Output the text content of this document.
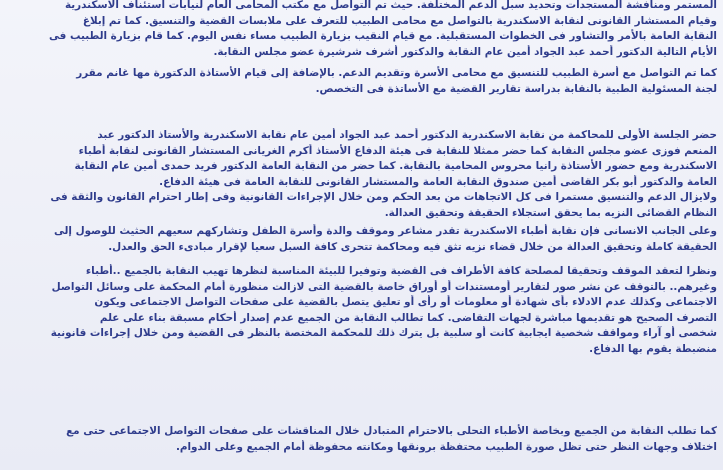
المستمر ومنافشة المستجدات وتحديد سبل الدعم المختلفة. حيث تم التواصل مع مكتب المحامى العام لنيابات استئناف الاسكندرية
وقيام المستشار القانونى لنقابة الاسكندرية بالتواصل مع محامى الطبيب للتعرف على ملابسات القضية والتنسيق. كما تم إبلاغ
النقابة العامة بالأمر والتشاور فى الخطوات المستقبلية. مع قيام النقيب بزيارة الطبيب مساء نفس اليوم. كما قام بزيارة الطبيب فى
الأيام التالية الدكتور أحمد عبد الجواد أمين عام النقابة والدكتور أشرف شرشيرة عضو مجلس النقابة.
كما تم التواصل مع أسرة الطبيب للتنسيق مع محامى الأسرة وتقديم الدعم. بالإضافة إلى قيام الأستاذة الدكتورة مها غانم مقرر
لجنة المسئولية الطبية بالنقابة بدراسة تقارير القضية مع الأساتذة فى التخصص.
حضر الجلسة الأولى للمحاكمة من نقابة الاسكندرية الدكتور أحمد عبد الجواد أمين عام نقابة الاسكندرية والأستاذ الدكتور عبد
المنعم فوزى عضو مجلس النقابة كما حضر ممثلا للنقابة فى هيئة الدفاع الأستاذ أكرم الغريانى المستشار القانونى لنقابة أطباء
الاسكندرية ومع حضور الأستاذة رانيا محروس المحامية بالنقابة. كما حضر من النقابة العامة الدكتور فريد حمدى أمين عام النقابة
العامة والدكتور أبو بكر القاضى أمين صندوق النقابة العامة والمستشار القانونى للنقابة العامة فى هيئة الدفاع.
ولايزال الدعم والتنسيق مستمرا فى كل الاتجاهات من بعد الحكم ومن خلال الإجراءات القانونية وفى إطار احترام القانون والثقة فى
النظام القضائى النزيه بما يحقق استجلاء الحقيقة وتحقيق العدالة.
وعلى الجانب الانسانى فإن نقابة أطباء الاسكندرية تقدر مشاعر وموقف والدة وأسرة الطفل وتشاركهم سعيهم الحثيث للوصول إلى
الحقيقة كاملة وتحقيق العدالة من خلال قضاء نزيه تثق فيه ومحاكمة تتحرى كافة السبل سعيا لإقرار مبادىء الحق والعدل.
ونظرا لتعقد الموقف وتحقيقا لمصلحة كافة الأطراف فى القضية وتوفيرا للبيئة المناسبة لنظرها تهيب النقابة بالجميع ..أطباء
وغيرهم.. بالتوقف عن نشر صور لتقارير أومستندات أو أوراق خاصة بالقضية التى لازالت منظورة أمام المحكمة على وسائل التواصل
الاجتماعى وكذلك عدم الادلاء بأى شهادة أو معلومات أو رأى أو تعليق يتصل بالقضية على صفحات التواصل الاجتماعى ويكون
التصرف الصحيح هو تقديمها مباشرة لجهات التقاضى. كما تطالب النقابة من الجميع عدم إصدار أحكام مسبقة بناء على علم
شخصى أو آراء ومواقف شخصية ايجابية كانت أو سلبية بل يترك ذلك للمحكمة المختصة بالنظر فى القضية ومن خلال إجراءات قانونية
منضبطة يقوم بها الدفاع.
كما تطلب النقابة من الجميع وبخاصة الأطباء التحلى بالاحترام المتبادل خلال المناقشات على صفحات التواصل الاجتماعى حتى مع
اختلاف وجهات النظر حتى تظل صورة الطبيب محتفظة برونقها ومكانته محفوظة أمام الجميع وعلى الدوام.
